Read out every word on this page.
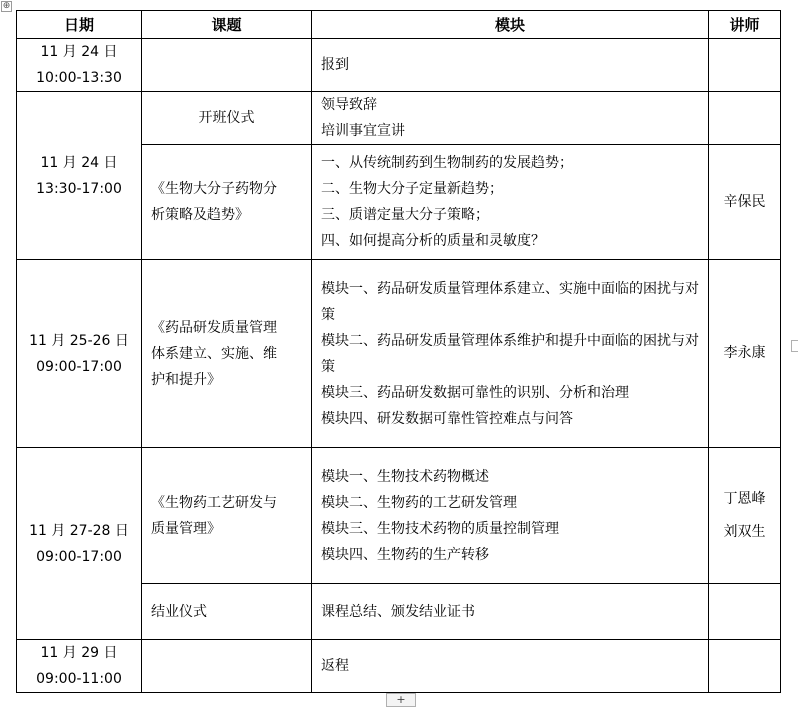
⊕
+
日期	课题	模块	讲师

11 月 24 日
10:00-13:30		报到	

11 月 24 日
13:30-17:00	开班仪式	领导致辞
培训事宜宣讲	

	《生物大分子药物分
析策略及趋势》	一、从传统制药到生物制药的发展趋势；
二、生物大分子定量新趋势；
三、质谱定量大分子策略；
四、如何提高分析的质量和灵敏度？	辛保民

11 月 25-26 日
09:00-17:00	《药品研发质量管理
体系建立、实施、维
护和提升》	模块一、药品研发质量管理体系建立、实施中面临的困扰与对策
模块二、药品研发质量管理体系维护和提升中面临的困扰与对策
模块三、药品研发数据可靠性的识别、分析和治理
模块四、研发数据可靠性管控难点与问答	李永康

11 月 27-28 日
09:00-17:00	《生物药工艺研发与
质量管理》	模块一、生物技术药物概述
模块二、生物药的工艺研发管理
模块三、生物技术药物的质量控制管理
模块四、生物药的生产转移	丁恩峰
刘双生

	结业仪式	课程总结、颁发结业证书	

11 月 29 日
09:00-11:00		返程	
